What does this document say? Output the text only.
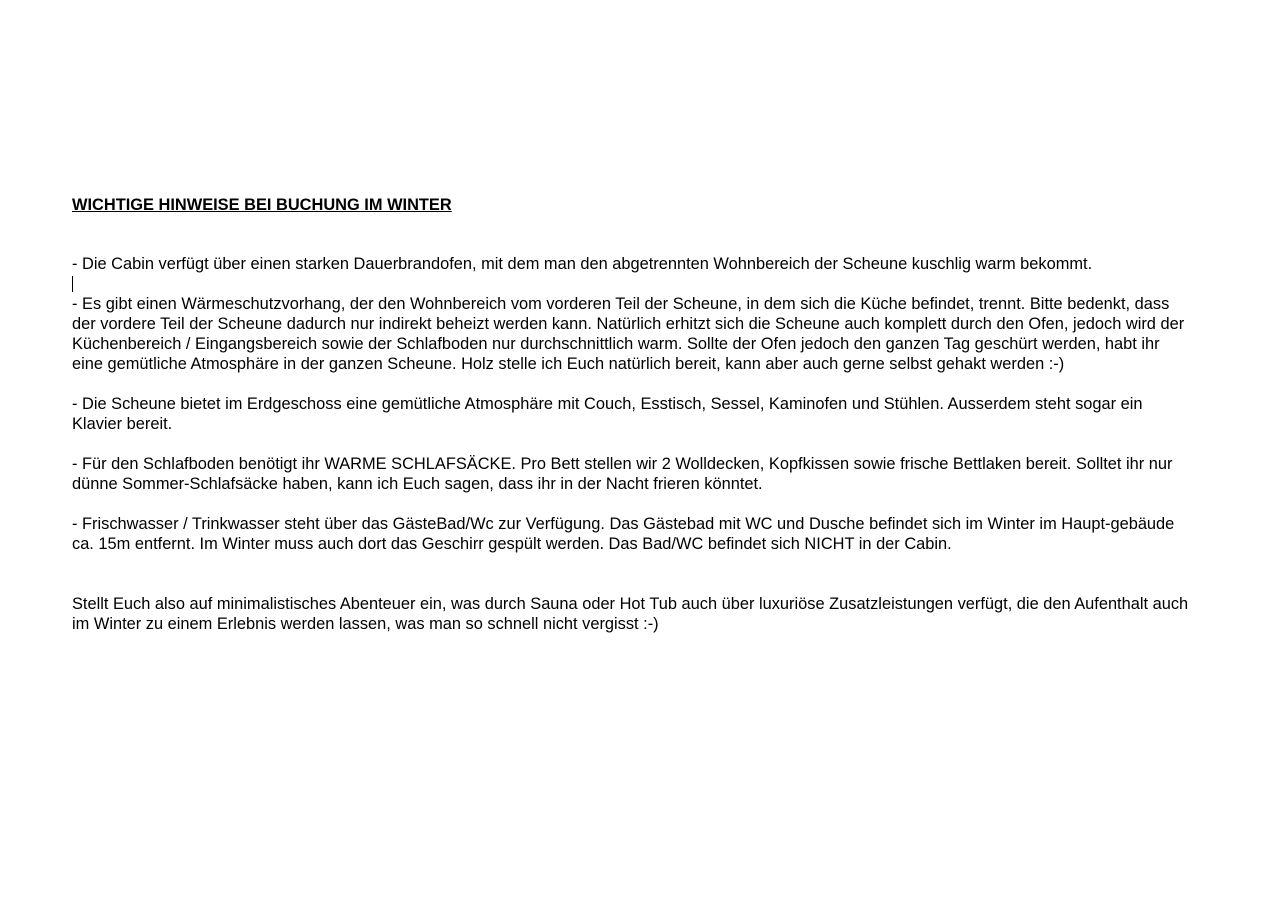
WICHTIGE HINWEISE BEI BUCHUNG IM WINTER

- Die Cabin verfügt über einen starken Dauerbrandofen, mit dem man den abgetrennten Wohnbereich der Scheune kuschlig warm bekommt.

- Es gibt einen Wärmeschutzvorhang, der den Wohnbereich vom vorderen Teil der Scheune, in dem sich die Küche befindet, trennt. Bitte bedenkt, dass der vordere Teil der Scheune dadurch nur indirekt beheizt werden kann. Natürlich erhitzt sich die Scheune auch komplett durch den Ofen, jedoch wird der Küchenbereich / Eingangsbereich sowie der Schlafboden nur durchschnittlich warm. Sollte der Ofen jedoch den ganzen Tag geschürt werden, habt ihr eine gemütliche Atmosphäre in der ganzen Scheune. Holz stelle ich Euch natürlich bereit, kann aber auch gerne selbst gehakt werden :-)

- Die Scheune bietet im Erdgeschoss eine gemütliche Atmosphäre mit Couch, Esstisch, Sessel, Kaminofen und Stühlen. Ausserdem steht sogar ein Klavier bereit.

- Für den Schlafboden benötigt ihr WARME SCHLAFSÄCKE. Pro Bett stellen wir 2 Wolldecken, Kopfkissen sowie frische Bettlaken bereit. Solltet ihr nur dünne Sommer-Schlafsäcke haben, kann ich Euch sagen, dass ihr in der Nacht frieren könntet.

- Frischwasser / Trinkwasser steht über das GästeBad/Wc zur Verfügung. Das Gästebad mit WC und Dusche befindet sich im Winter im Haupt-gebäude ca. 15m entfernt. Im Winter muss auch dort das Geschirr gespült werden. Das Bad/WC befindet sich NICHT in der Cabin.

Stellt Euch also auf minimalistisches Abenteuer ein, was durch Sauna oder Hot Tub auch über luxuriöse Zusatzleistungen verfügt, die den Aufenthalt auch im Winter zu einem Erlebnis werden lassen, was man so schnell nicht vergisst :-)
